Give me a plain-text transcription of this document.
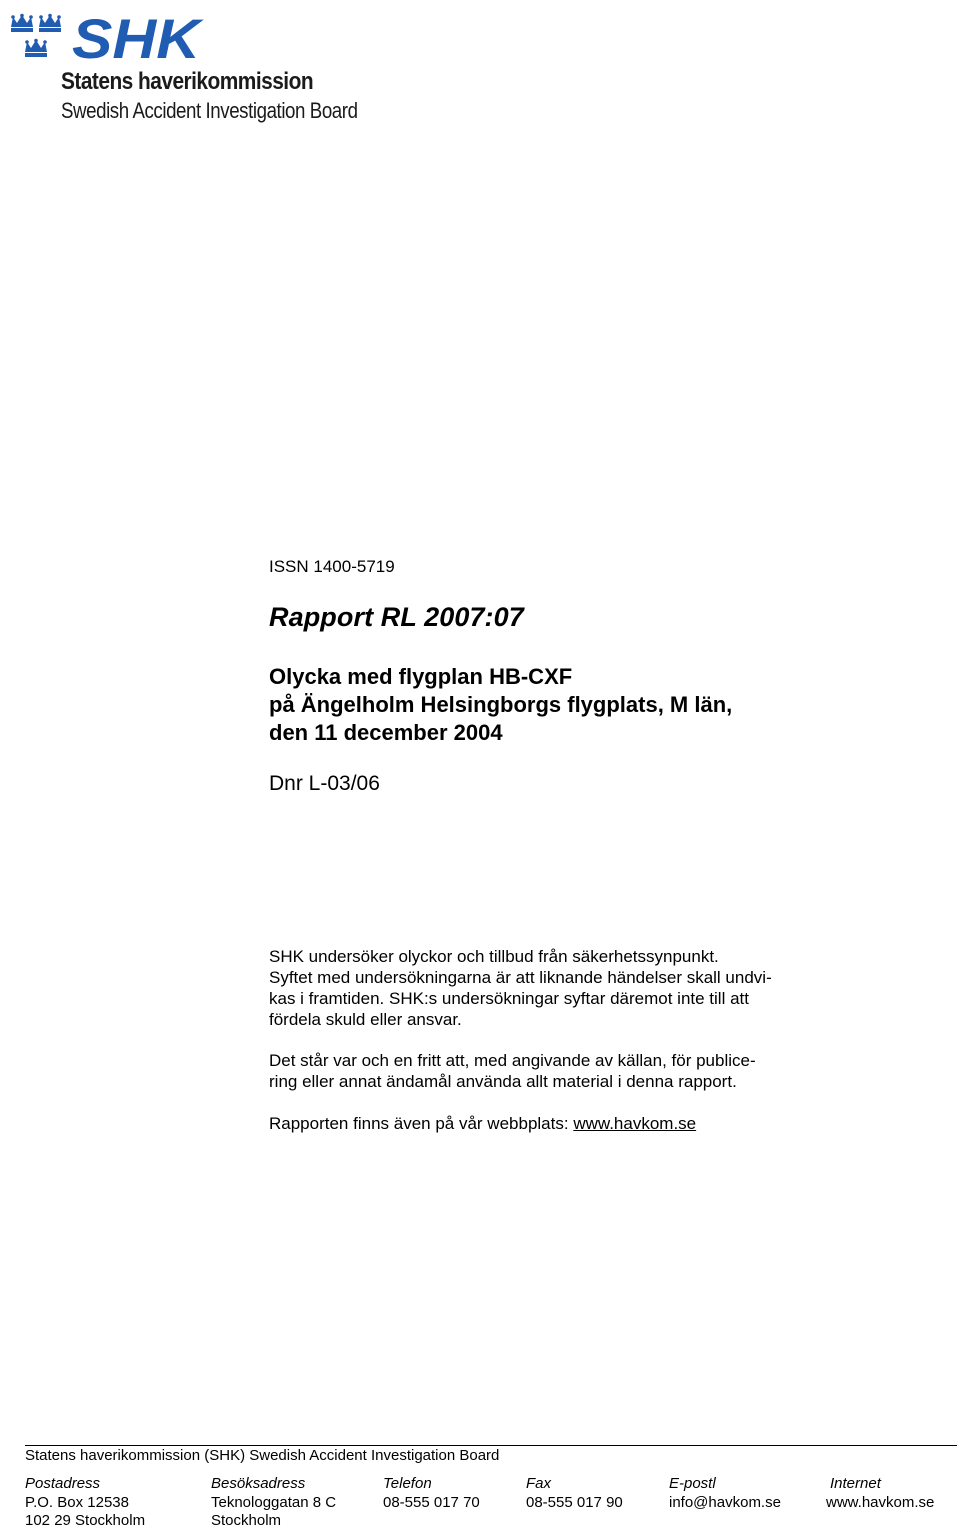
SHK
Statens haverikommission
Swedish Accident Investigation Board
ISSN 1400-5719
Rapport RL 2007:07
Olycka med flygplan HB-CXF
på Ängelholm Helsingborgs flygplats, M län,
den 11 december 2004
Dnr L-03/06
SHK undersöker olyckor och tillbud från säkerhetssynpunkt.
Syftet med undersökningarna är att liknande händelser skall undvi-
kas i framtiden. SHK:s undersökningar syftar däremot inte till att
fördela skuld eller ansvar.
Det står var och en fritt att, med angivande av källan, för publice-
ring eller annat ändamål använda allt material i denna rapport.
Rapporten finns även på vår webbplats: www.havkom.se
Statens haverikommission (SHK) Swedish Accident Investigation Board
Postadress
P.O. Box 12538
102 29 Stockholm
Besöksadress
Teknologgatan 8 C
Stockholm
Telefon
08-555 017 70
Fax
08-555 017 90
E-postl
info@havkom.se
Internet
www.havkom.se
